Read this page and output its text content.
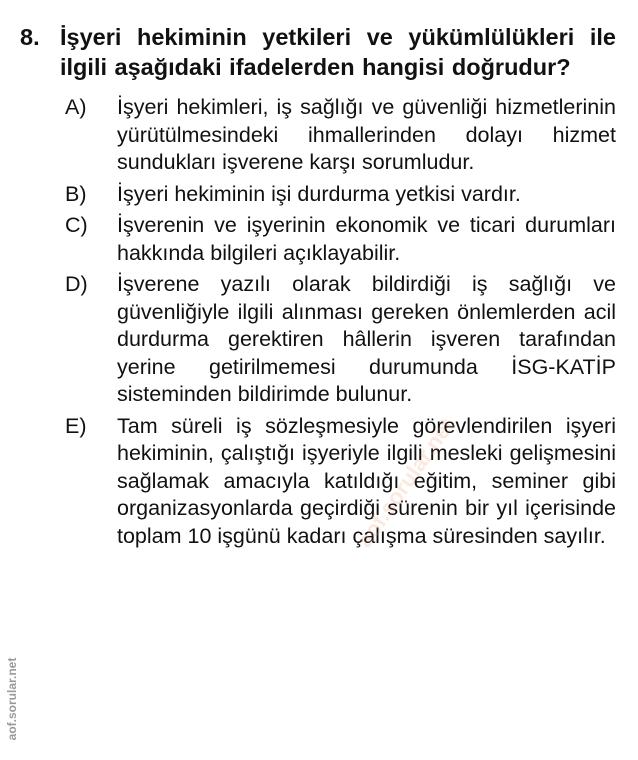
8. İşyeri hekiminin yetkileri ve yükümlülükleri ile ilgili aşağıdaki ifadelerden hangisi doğrudur?
A)	İşyeri hekimleri, iş sağlığı ve güvenliği hizmetlerinin yürütülmesindeki ihmallerinden dolayı hizmet sundukları işverene karşı sorumludur.
B)	İşyeri hekiminin işi durdurma yetkisi vardır.
C)	İşverenin ve işyerinin ekonomik ve ticari durumları hakkında bilgileri açıklayabilir.
D)	İşverene yazılı olarak bildirdiği iş sağlığı ve güvenliğiyle ilgili alınması gereken önlemlerden acil durdurma gerektiren hâllerin işveren tarafından yerine getirilmemesi durumunda İSG-KATİP sisteminden bildirimde bulunur.
E)	Tam süreli iş sözleşmesiyle görevlendirilen işyeri hekiminin, çalıştığı işyeriyle ilgili mesleki gelişmesini sağlamak amacıyla katıldığı eğitim, seminer gibi organizasyonlarda geçirdiği sürenin bir yıl içerisinde toplam 10 işgünü kadarı çalışma süresinden sayılır.
aof.sorular.net
aof.sorular.net
